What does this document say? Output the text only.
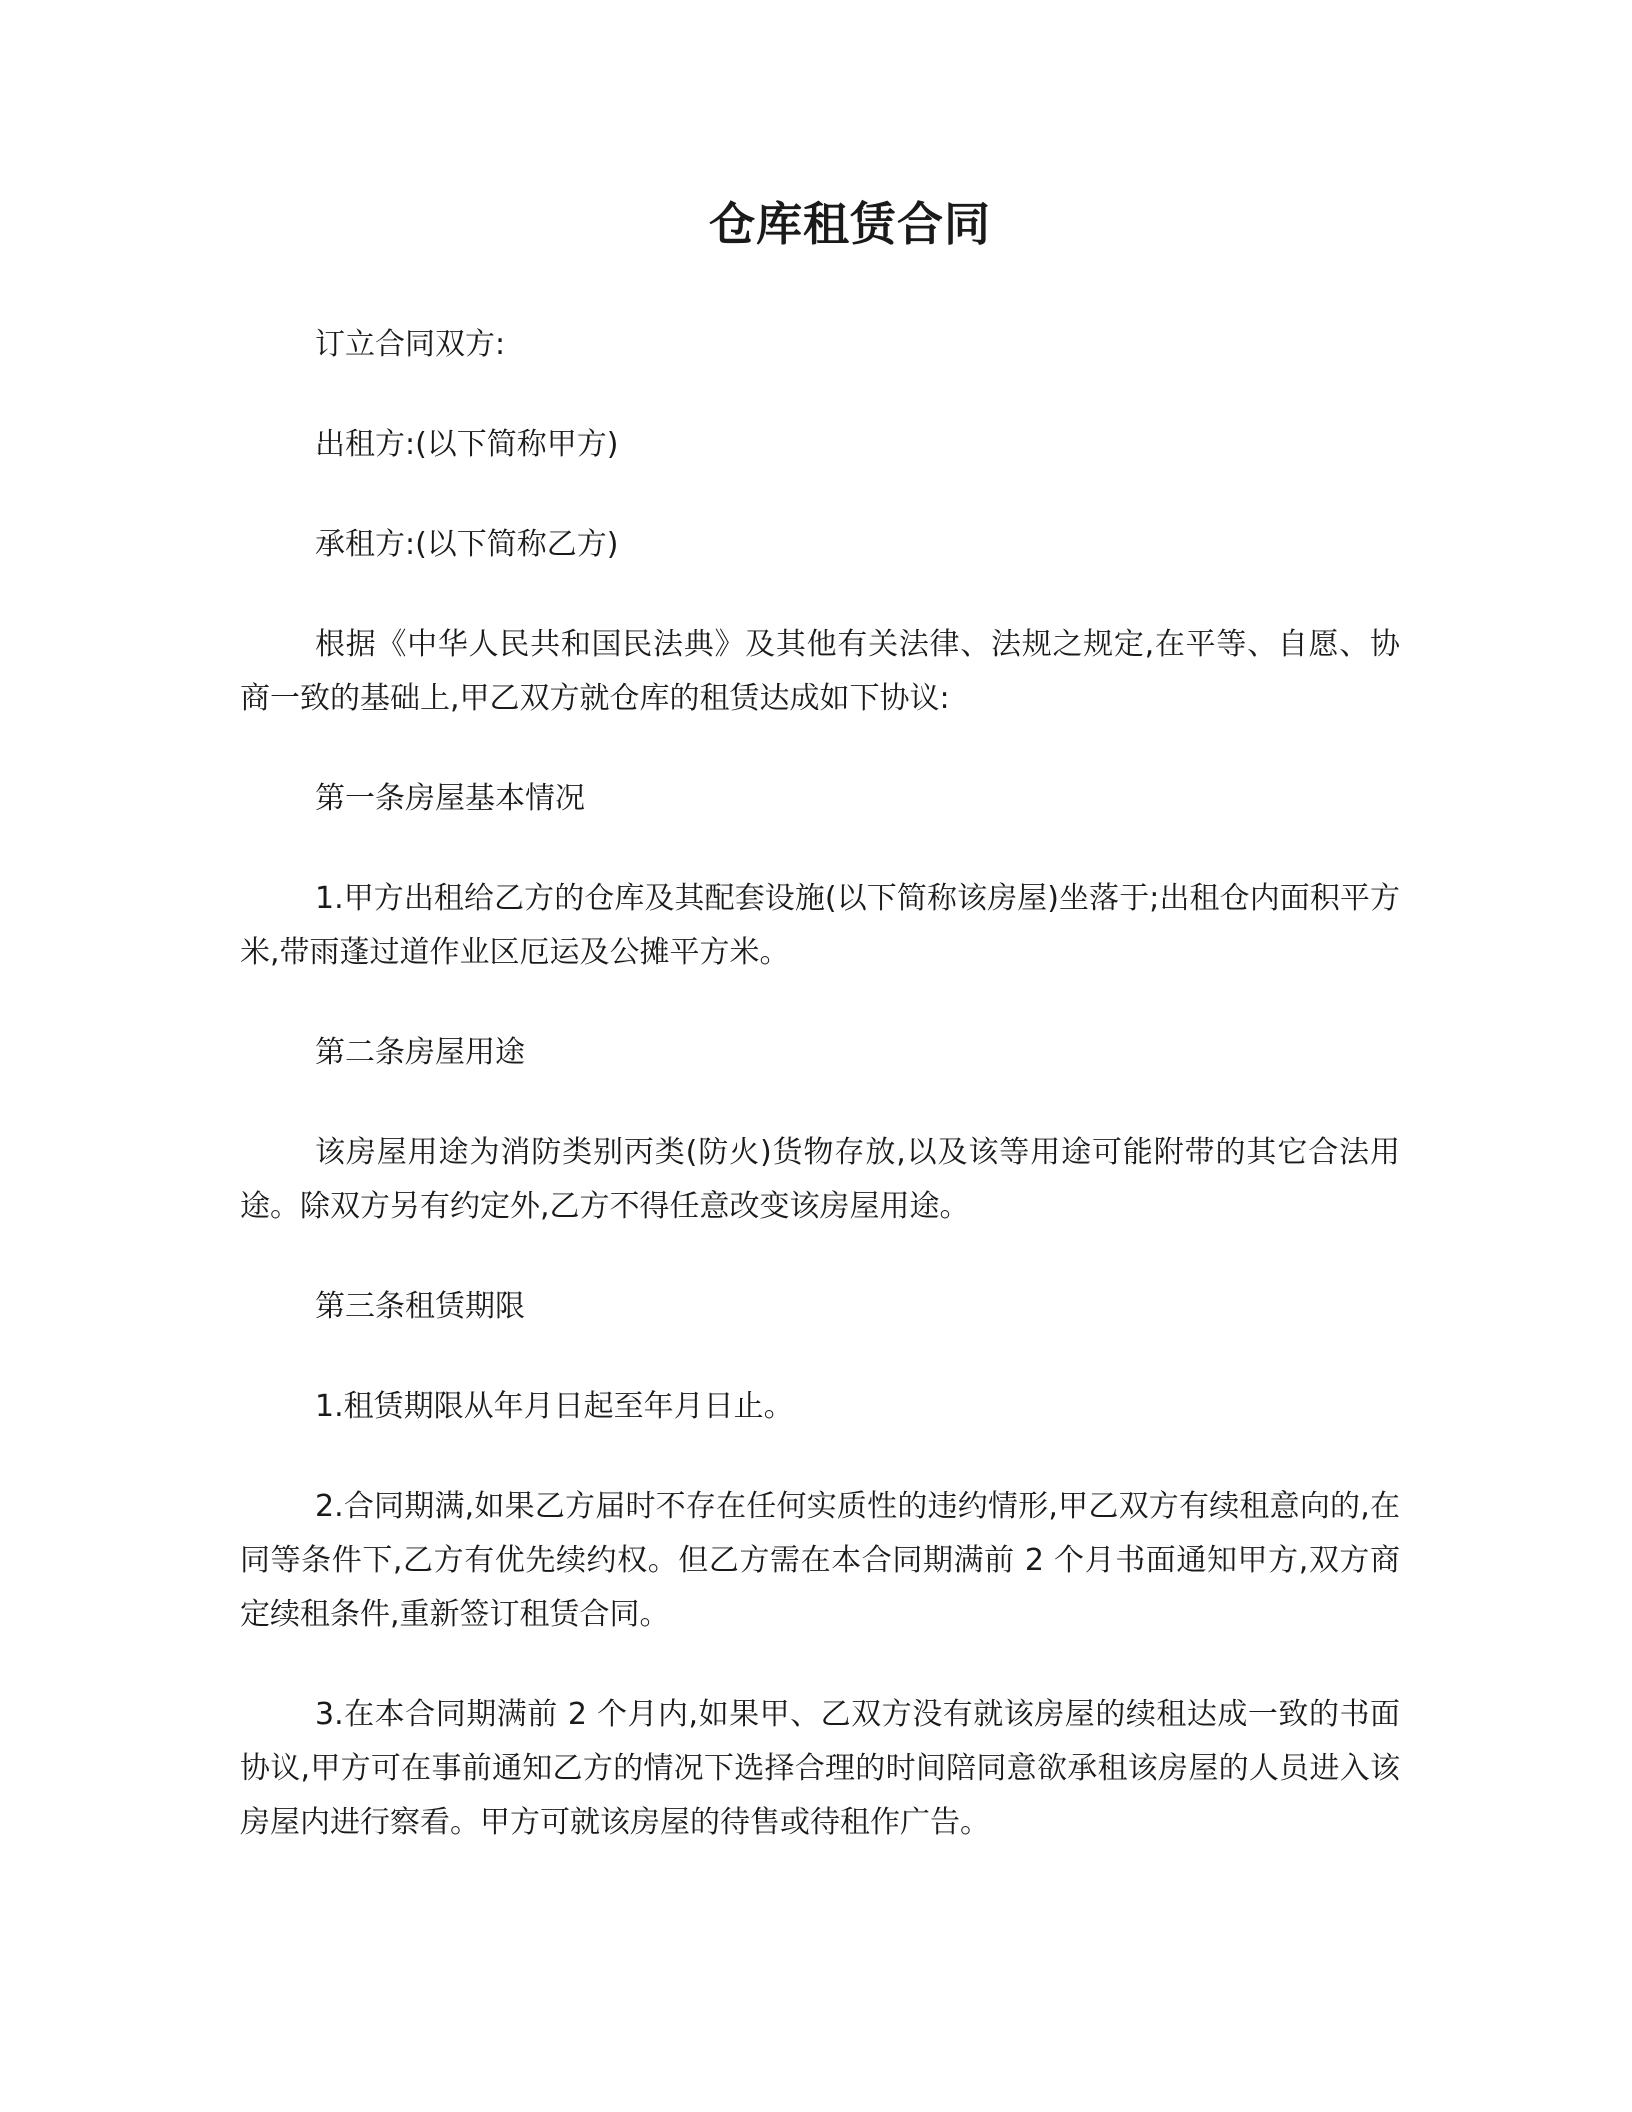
仓库租赁合同

订立合同双方:

出租方:(以下简称甲方)

承租方:(以下简称乙方)

根据《中华人民共和国民法典》及其他有关法律、法规之规定,在平等、自愿、协商一致的基础上,甲乙双方就仓库的租赁达成如下协议:

第一条房屋基本情况

1.甲方出租给乙方的仓库及其配套设施(以下简称该房屋)坐落于;出租仓内面积平方米,带雨蓬过道作业区厄运及公摊平方米。

第二条房屋用途

该房屋用途为消防类别丙类(防火)货物存放,以及该等用途可能附带的其它合法用途。除双方另有约定外,乙方不得任意改变该房屋用途。

第三条租赁期限

1.租赁期限从年月日起至年月日止。

2.合同期满,如果乙方届时不存在任何实质性的违约情形,甲乙双方有续租意向的,在同等条件下,乙方有优先续约权。但乙方需在本合同期满前 2 个月书面通知甲方,双方商定续租条件,重新签订租赁合同。

3.在本合同期满前 2 个月内,如果甲、乙双方没有就该房屋的续租达成一致的书面协议,甲方可在事前通知乙方的情况下选择合理的时间陪同意欲承租该房屋的人员进入该房屋内进行察看。甲方可就该房屋的待售或待租作广告。
